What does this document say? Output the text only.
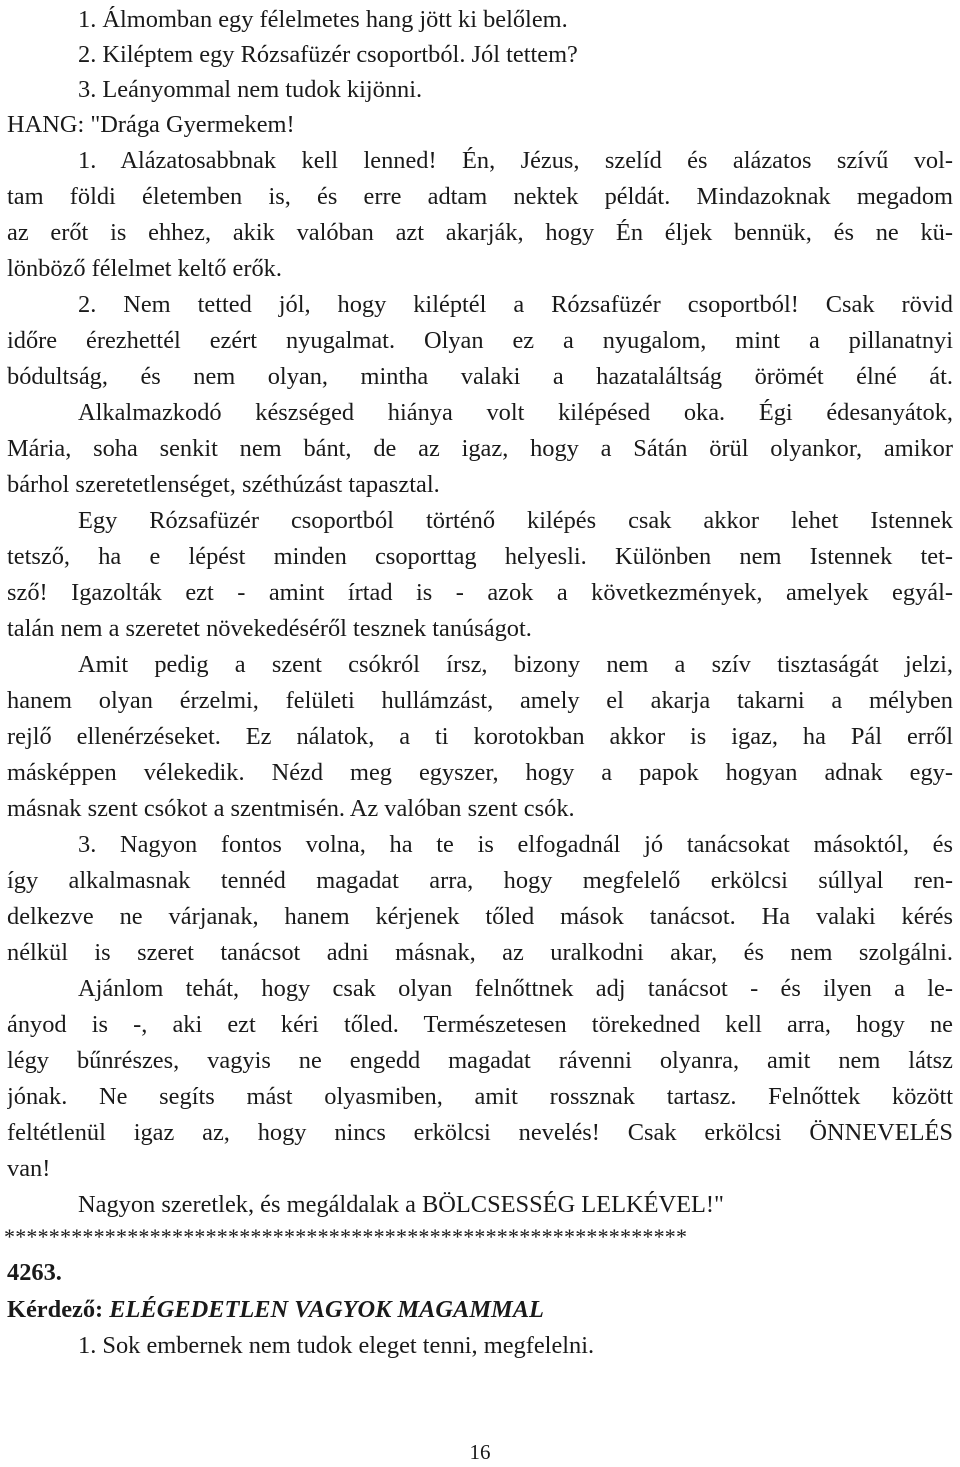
1. Álmomban egy félelmetes hang jött ki belőlem.
2. Kiléptem egy Rózsafüzér csoportból. Jól tettem?
3. Leányommal nem tudok kijönni.
HANG: "Drága Gyermekem!
1. Alázatosabbnak kell lenned! Én, Jézus, szelíd és alázatos szívű vol-
tam földi életemben is, és erre adtam nektek példát. Mindazoknak megadom
az erőt is ehhez, akik valóban azt akarják, hogy Én éljek bennük, és ne kü-
lönböző félelmet keltő erők.
2. Nem tetted jól, hogy kiléptél a Rózsafüzér csoportból! Csak rövid
időre érezhettél ezért nyugalmat. Olyan ez a nyugalom, mint a pillanatnyi
bódultság, és nem olyan, mintha valaki a hazataláltság örömét élné át.
Alkalmazkodó készséged hiánya volt kilépésed oka. Égi édesanyátok,
Mária, soha senkit nem bánt, de az igaz, hogy a Sátán örül olyankor, amikor
bárhol szeretetlenséget, széthúzást tapasztal.
Egy Rózsafüzér csoportból történő kilépés csak akkor lehet Istennek
tetsző, ha e lépést minden csoporttag helyesli. Különben nem Istennek tet-
sző! Igazolták ezt - amint írtad is - azok a következmények, amelyek egyál-
talán nem a szeretet növekedéséről tesznek tanúságot.
Amit pedig a szent csókról írsz, bizony nem a szív tisztaságát jelzi,
hanem olyan érzelmi, felületi hullámzást, amely el akarja takarni a mélyben
rejlő ellenérzéseket. Ez nálatok, a ti korotokban akkor is igaz, ha Pál erről
másképpen vélekedik. Nézd meg egyszer, hogy a papok hogyan adnak egy-
másnak szent csókot a szentmisén. Az valóban szent csók.
3. Nagyon fontos volna, ha te is elfogadnál jó tanácsokat másoktól, és
így alkalmasnak tennéd magadat arra, hogy megfelelő erkölcsi súllyal ren-
delkezve ne várjanak, hanem kérjenek tőled mások tanácsot. Ha valaki kérés
nélkül is szeret tanácsot adni másnak, az uralkodni akar, és nem szolgálni.
Ajánlom tehát, hogy csak olyan felnőttnek adj tanácsot - és ilyen a le-
ányod is -, aki ezt kéri tőled. Természetesen törekedned kell arra, hogy ne
légy bűnrészes, vagyis ne engedd magadat rávenni olyanra, amit nem látsz
jónak. Ne segíts mást olyasmiben, amit rossznak tartasz. Felnőttek között
feltétlenül igaz az, hogy nincs erkölcsi nevelés! Csak erkölcsi ÖNNEVELÉS
van!
Nagyon szeretlek, és megáldalak a BÖLCSESSÉG LELKÉVEL!"
*************************************************************
4263.
Kérdező: ELÉGEDETLEN VAGYOK MAGAMMAL
1. Sok embernek nem tudok eleget tenni, megfelelni.
16
